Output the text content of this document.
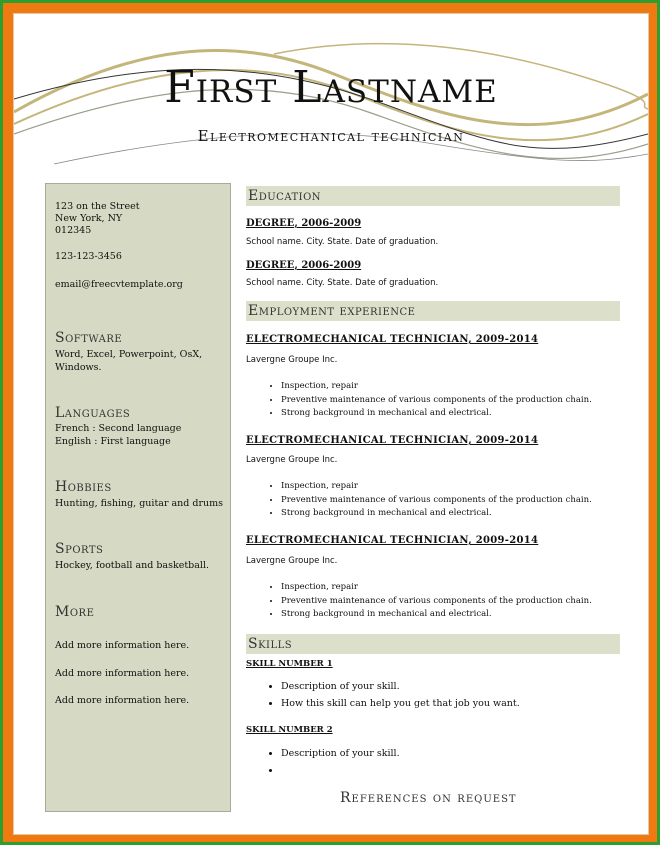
First Lastname
Electromechanical technician
123 on the Street
New York, NY
012345
123-123-3456
email@freecvtemplate.org
Software
Word, Excel, Powerpoint, OsX, Windows.
Languages
French : Second language
English : First language
Hobbies
Hunting, fishing, guitar and drums
Sports
Hockey, football and basketball.
More
Add more information here.
Add more information here.
Add more information here.
Education
DEGREE, 2006-2009
School name. City. State. Date of graduation.
DEGREE, 2006-2009
School name. City. State. Date of graduation.
Employment experience
ELECTROMECHANICAL TECHNICIAN, 2009-2014
Lavergne Groupe Inc.
• Inspection, repair
• Preventive maintenance of various components of the production chain.
• Strong background in mechanical and electrical.
ELECTROMECHANICAL TECHNICIAN, 2009-2014
Lavergne Groupe Inc.
• Inspection, repair
• Preventive maintenance of various components of the production chain.
• Strong background in mechanical and electrical.
ELECTROMECHANICAL TECHNICIAN, 2009-2014
Lavergne Groupe Inc.
• Inspection, repair
• Preventive maintenance of various components of the production chain.
• Strong background in mechanical and electrical.
Skills
SKILL NUMBER 1
• Description of your skill.
• How this skill can help you get that job you want.
SKILL NUMBER 2
• Description of your skill.
•
References on request
